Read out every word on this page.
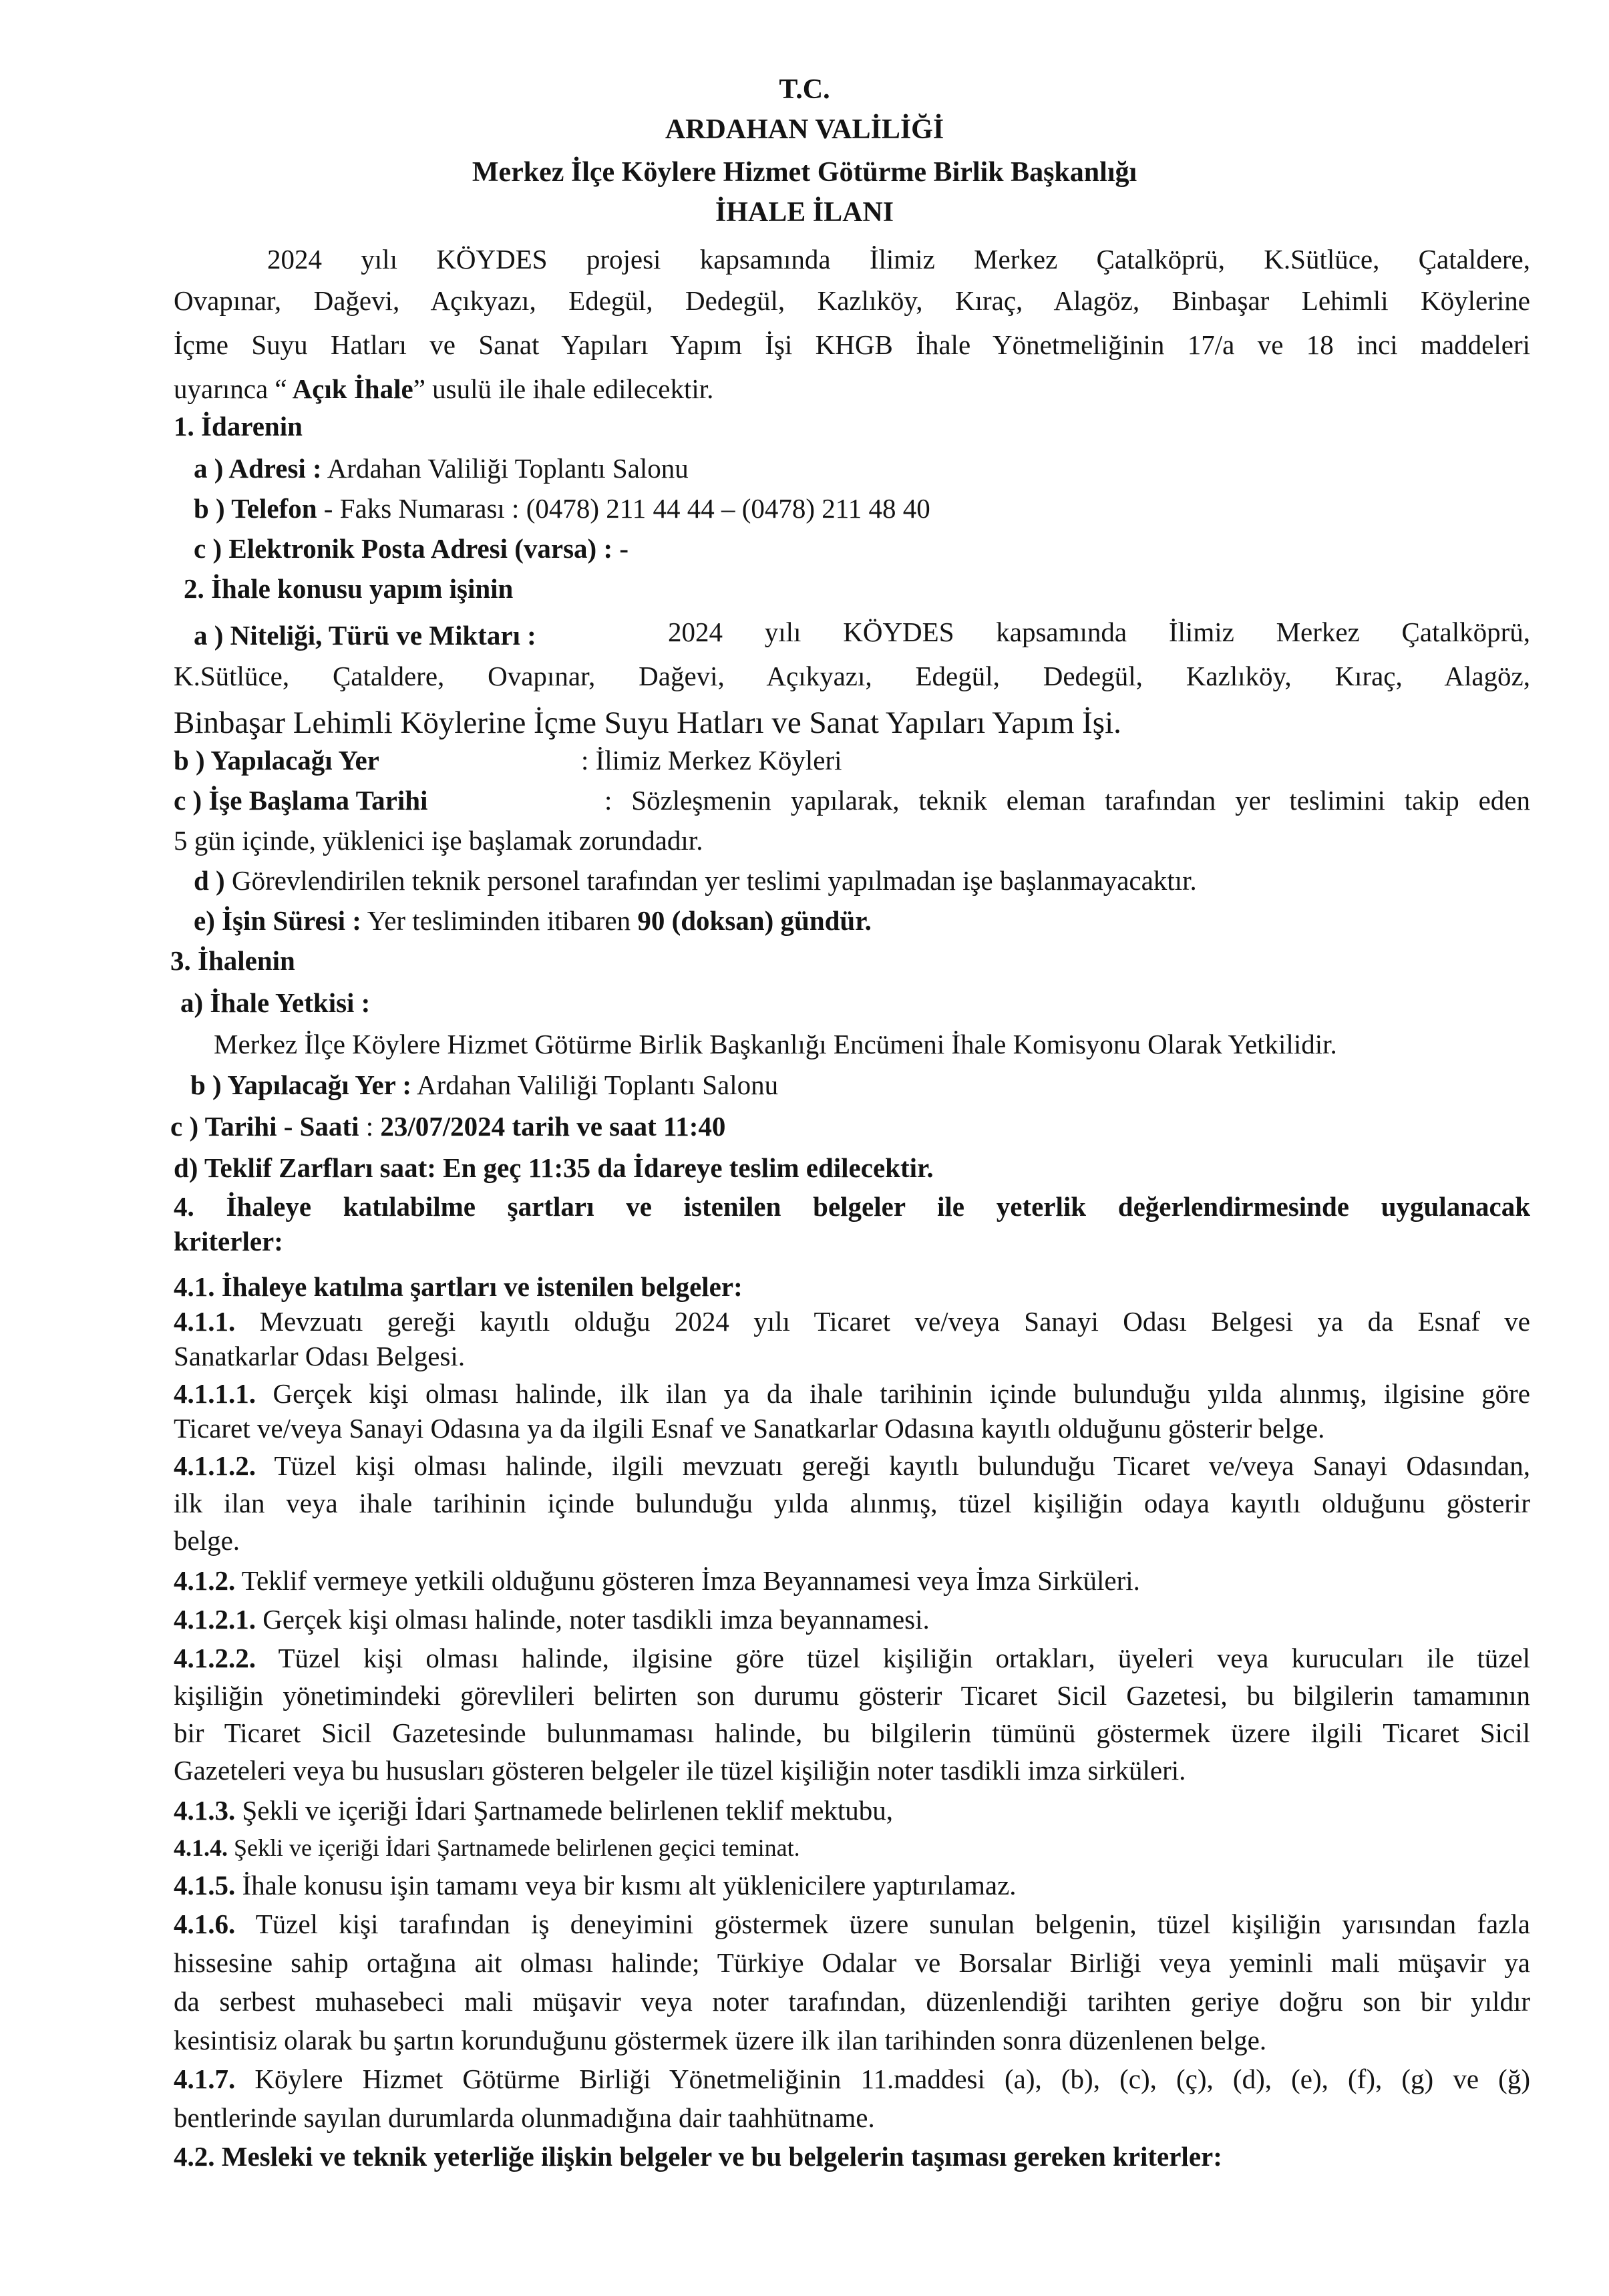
T.C.
ARDAHAN VALİLİĞİ
Merkez İlçe Köylere Hizmet Götürme Birlik Başkanlığı
İHALE İLANI
2024 yılı KÖYDES projesi kapsamında İlimiz Merkez Çatalköprü, K.Sütlüce, Çataldere,
Ovapınar, Dağevi, Açıkyazı, Edegül, Dedegül, Kazlıköy, Kıraç, Alagöz, Binbaşar Lehimli Köylerine
İçme Suyu Hatları ve Sanat Yapıları Yapım İşi KHGB İhale Yönetmeliğinin 17/a ve 18 inci maddeleri
uyarınca “ Açık İhale” usulü ile ihale edilecektir.
1. İdarenin
a ) Adresi : Ardahan Valiliği Toplantı Salonu
b ) Telefon - Faks Numarası : (0478) 211 44 44 – (0478) 211 48 40
c ) Elektronik Posta Adresi (varsa) : -
2. İhale konusu yapım işinin
a ) Niteliği, Türü ve Miktarı :	2024 yılı KÖYDES kapsamında İlimiz Merkez Çatalköprü,
K.Sütlüce, Çataldere, Ovapınar, Dağevi, Açıkyazı, Edegül, Dedegül, Kazlıköy, Kıraç, Alagöz,
Binbaşar Lehimli Köylerine İçme Suyu Hatları ve Sanat Yapıları Yapım İşi.
b ) Yapılacağı Yer	: İlimiz Merkez Köyleri
c ) İşe Başlama Tarihi	: Sözleşmenin yapılarak, teknik eleman tarafından yer teslimini takip eden
5 gün içinde, yüklenici işe başlamak zorundadır.
d ) Görevlendirilen teknik personel tarafından yer teslimi yapılmadan işe başlanmayacaktır.
e) İşin Süresi : Yer tesliminden itibaren 90 (doksan) gündür.
3. İhalenin
a) İhale Yetkisi :
Merkez İlçe Köylere Hizmet Götürme Birlik Başkanlığı Encümeni İhale Komisyonu Olarak Yetkilidir.
b ) Yapılacağı Yer : Ardahan Valiliği Toplantı Salonu
c ) Tarihi - Saati : 23/07/2024 tarih ve saat 11:40
d) Teklif Zarfları saat: En geç 11:35 da İdareye teslim edilecektir.
4. İhaleye katılabilme şartları ve istenilen belgeler ile yeterlik değerlendirmesinde uygulanacak
kriterler:
4.1. İhaleye katılma şartları ve istenilen belgeler:
4.1.1. Mevzuatı gereği kayıtlı olduğu 2024 yılı Ticaret ve/veya Sanayi Odası Belgesi ya da Esnaf ve
Sanatkarlar Odası Belgesi.
4.1.1.1. Gerçek kişi olması halinde, ilk ilan ya da ihale tarihinin içinde bulunduğu yılda alınmış, ilgisine göre
Ticaret ve/veya Sanayi Odasına ya da ilgili Esnaf ve Sanatkarlar Odasına kayıtlı olduğunu gösterir belge.
4.1.1.2. Tüzel kişi olması halinde, ilgili mevzuatı gereği kayıtlı bulunduğu Ticaret ve/veya Sanayi Odasından,
ilk ilan veya ihale tarihinin içinde bulunduğu yılda alınmış, tüzel kişiliğin odaya kayıtlı olduğunu gösterir
belge.
4.1.2. Teklif vermeye yetkili olduğunu gösteren İmza Beyannamesi veya İmza Sirküleri.
4.1.2.1. Gerçek kişi olması halinde, noter tasdikli imza beyannamesi.
4.1.2.2. Tüzel kişi olması halinde, ilgisine göre tüzel kişiliğin ortakları, üyeleri veya kurucuları ile tüzel
kişiliğin yönetimindeki görevlileri belirten son durumu gösterir Ticaret Sicil Gazetesi, bu bilgilerin tamamının
bir Ticaret Sicil Gazetesinde bulunmaması halinde, bu bilgilerin tümünü göstermek üzere ilgili Ticaret Sicil
Gazeteleri veya bu hususları gösteren belgeler ile tüzel kişiliğin noter tasdikli imza sirküleri.
4.1.3. Şekli ve içeriği İdari Şartnamede belirlenen teklif mektubu,
4.1.4. Şekli ve içeriği İdari Şartnamede belirlenen geçici teminat.
4.1.5. İhale konusu işin tamamı veya bir kısmı alt yüklenicilere yaptırılamaz.
4.1.6. Tüzel kişi tarafından iş deneyimini göstermek üzere sunulan belgenin, tüzel kişiliğin yarısından fazla
hissesine sahip ortağına ait olması halinde; Türkiye Odalar ve Borsalar Birliği veya yeminli mali müşavir ya
da serbest muhasebeci mali müşavir veya noter tarafından, düzenlendiği tarihten geriye doğru son bir yıldır
kesintisiz olarak bu şartın korunduğunu göstermek üzere ilk ilan tarihinden sonra düzenlenen belge.
4.1.7. Köylere Hizmet Götürme Birliği Yönetmeliğinin 11.maddesi (a), (b), (c), (ç), (d), (e), (f), (g) ve (ğ)
bentlerinde sayılan durumlarda olunmadığına dair taahhütname.
4.2. Mesleki ve teknik yeterliğe ilişkin belgeler ve bu belgelerin taşıması gereken kriterler:
